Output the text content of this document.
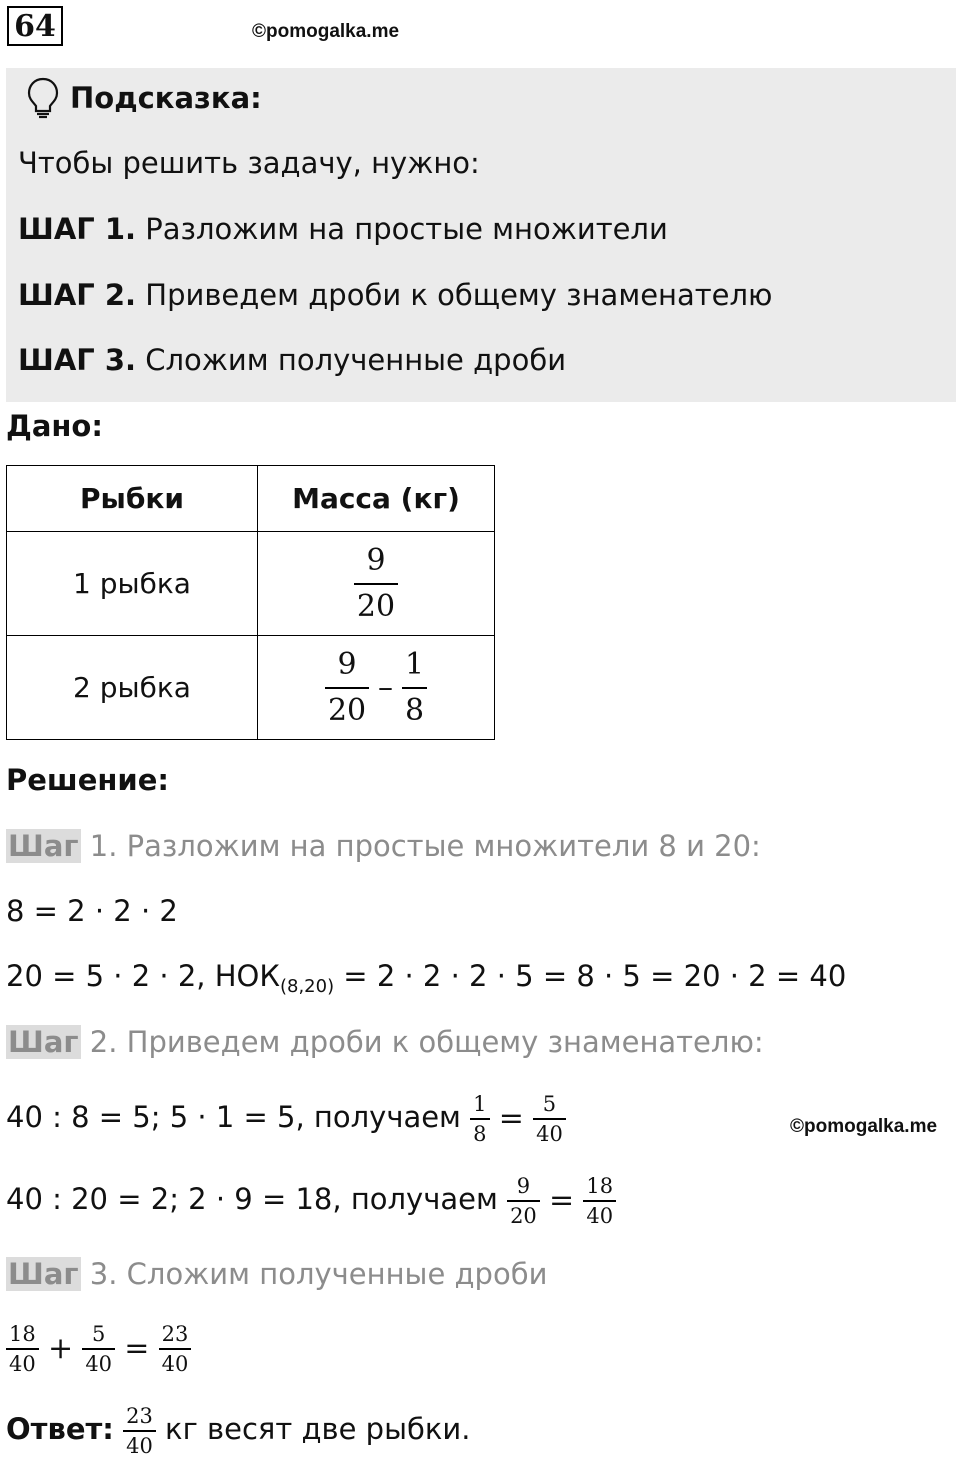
64	©pomogalka.me
Подсказка:
Чтобы решить задачу, нужно:
ШАГ 1. Разложим на простые множители
ШАГ 2. Приведем дроби к общему знаменателю
ШАГ 3. Сложим полученные дроби
Дано:
Рыбки	Масса (кг)
1 рыбка	$\frac{9}{20}$

2 рыбка	$\frac{9}{20} - \frac{1}{8}$
Решение:
Шаг 1. Разложим на простые множители 8 и 20:
8 = 2 · 2 · 2
20 = 5 · 2 · 2, $НОК_{(8,20)} = 2 \cdot 2 \cdot 2 \cdot 5 = 8 \cdot 5 = 20 \cdot 2 = 40$
Шаг 2. Приведем дроби к общему знаменателю:
40 : 8 = 5; 5 · 1 = 5, получаем $\frac{1}{8} = \frac{5}{40}$	©pomogalka.me
40 : 20 = 2; 2 · 9 = 18, получаем $\frac{9}{20} = \frac{18}{40}$
Шаг 3. Сложим полученные дроби
$\frac{18}{40} + \frac{5}{40} = \frac{23}{40}$
Ответ: $\frac{23}{40}$ кг весят две рыбки.
